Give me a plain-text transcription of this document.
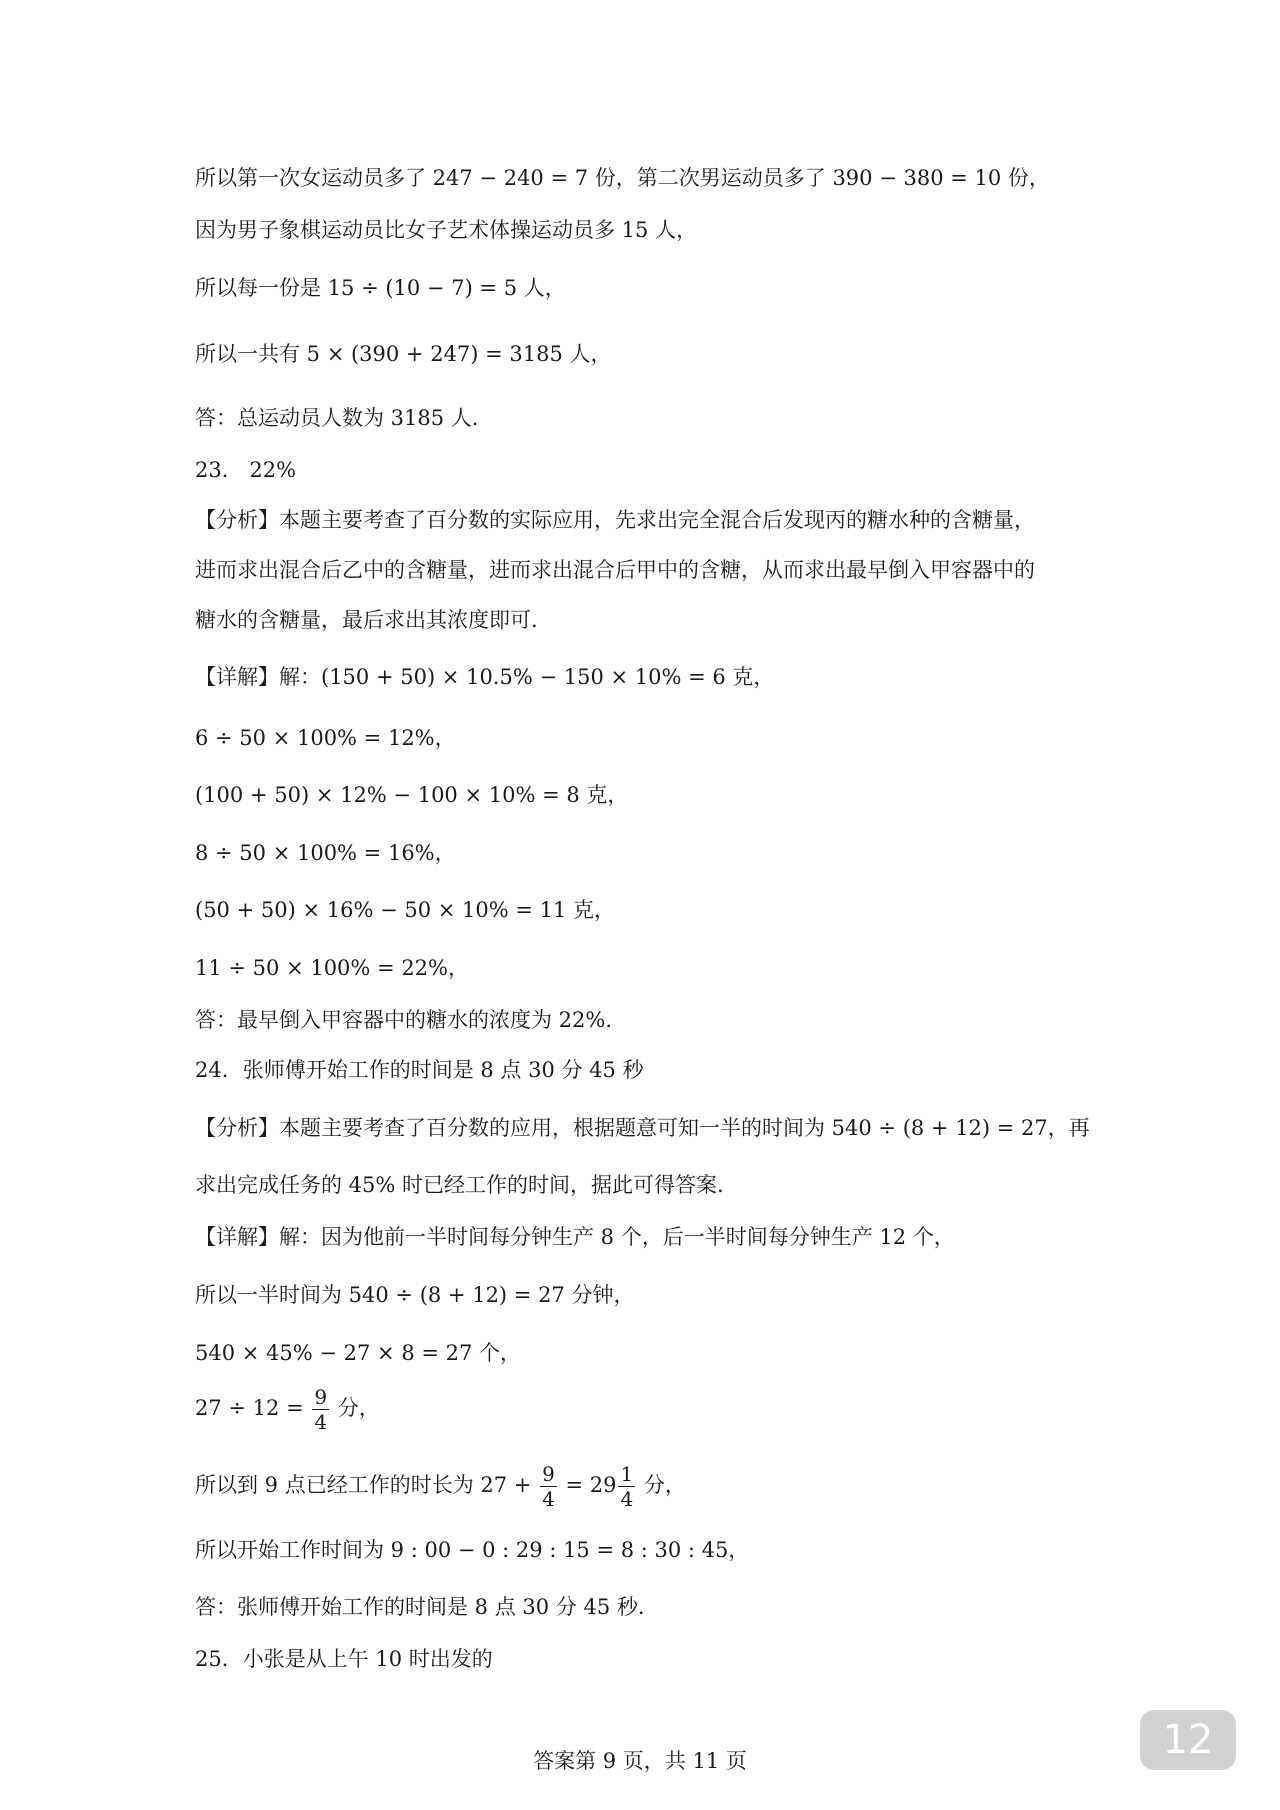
所以第一次女运动员多了 247 − 240 = 7 份，第二次男运动员多了 390 − 380 = 10 份，
因为男子象棋运动员比女子艺术体操运动员多 15 人，
所以每一份是 15 ÷ (10 − 7) = 5 人，
所以一共有 5 × (390 + 247) = 3185 人，
答：总运动员人数为 3185 人.
23． 22%
【分析】本题主要考查了百分数的实际应用，先求出完全混合后发现丙的糖水种的含糖量，
进而求出混合后乙中的含糖量，进而求出混合后甲中的含糖，从而求出最早倒入甲容器中的
糖水的含糖量，最后求出其浓度即可.
【详解】解：(150 + 50) × 10.5% − 150 × 10% = 6 克，
6 ÷ 50 × 100% = 12%，
(100 + 50) × 12% − 100 × 10% = 8 克，
8 ÷ 50 × 100% = 16%，
(50 + 50) × 16% − 50 × 10% = 11 克，
11 ÷ 50 × 100% = 22%，
答：最早倒入甲容器中的糖水的浓度为 22%.
24．张师傅开始工作的时间是 8 点 30 分 45 秒
【分析】本题主要考查了百分数的应用，根据题意可知一半的时间为 540 ÷ (8 + 12) = 27，再
求出完成任务的 45% 时已经工作的时间，据此可得答案.
【详解】解：因为他前一半时间每分钟生产 8 个，后一半时间每分钟生产 12 个，
所以一半时间为 540 ÷ (8 + 12) = 27 分钟，
540 × 45% − 27 × 8 = 27 个，
$27 \div 12 = \frac{9}{4}$ 分，
所以到 9 点已经工作的时长为 $27 + \frac{9}{4} = 29 \frac{1}{4}$ 分，
所以开始工作时间为 9 : 00 − 0 : 29 : 15 = 8 : 30 : 45，
答：张师傅开始工作的时间是 8 点 30 分 45 秒.
25．小张是从上午 10 时出发的
答案第 9 页，共 11 页	12
